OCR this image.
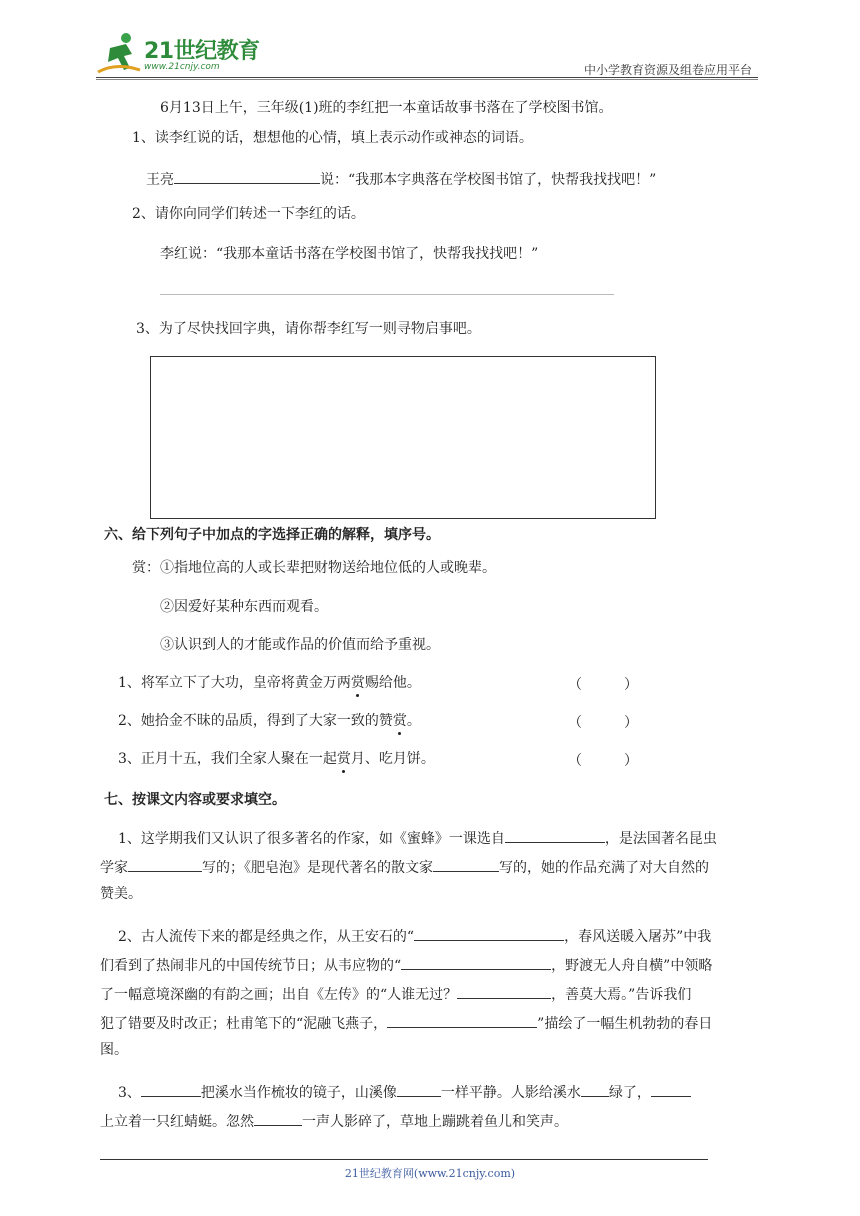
21世纪教育
www.21cnjy.com	中小学教育资源及组卷应用平台
6月13日上午，三年级(1)班的李红把一本童话故事书落在了学校图书馆。
1、读李红说的话，想想他的心情，填上表示动作或神态的词语。
王亮	说：“我那本字典落在学校图书馆了，快帮我找找吧！”
2、请你向同学们转述一下李红的话。
李红说：“我那本童话书落在学校图书馆了，快帮我找找吧！”
3、为了尽快找回字典，请你帮李红写一则寻物启事吧。
六、给下列句子中加点的字选择正确的解释，填序号。
赏：①指地位高的人或长辈把财物送给地位低的人或晚辈。
②因爱好某种东西而观看。
③认识到人的才能或作品的价值而给予重视。
1、将军立下了大功，皇帝将黄金万两赏赐给他。	（　　　）
2、她拾金不昧的品质，得到了大家一致的赞赏。	（　　　）
3、正月十五，我们全家人聚在一起赏月、吃月饼。	（　　　）
七、按课文内容或要求填空。
1、这学期我们又认识了很多著名的作家，如《蜜蜂》一课选自	，是法国著名昆虫
学家	写的；《肥皂泡》是现代著名的散文家	写的，她的作品充满了对大自然的
赞美。
2、古人流传下来的都是经典之作，从王安石的“	，春风送暖入屠苏”中我
们看到了热闹非凡的中国传统节日；从韦应物的“	，野渡无人舟自横”中领略
了一幅意境深幽的有韵之画；出自《左传》的“人谁无过？	，善莫大焉。”告诉我们
犯了错要及时改正；杜甫笔下的“泥融飞燕子，	”描绘了一幅生机勃勃的春日
图。
3、	把溪水当作梳妆的镜子，山溪像	一样平静。人影给溪水 绿了，
上立着一只红蜻蜓。忽然	一声人影碎了，草地上蹦跳着鱼儿和笑声。
21世纪教育网(www.21cnjy.com)
